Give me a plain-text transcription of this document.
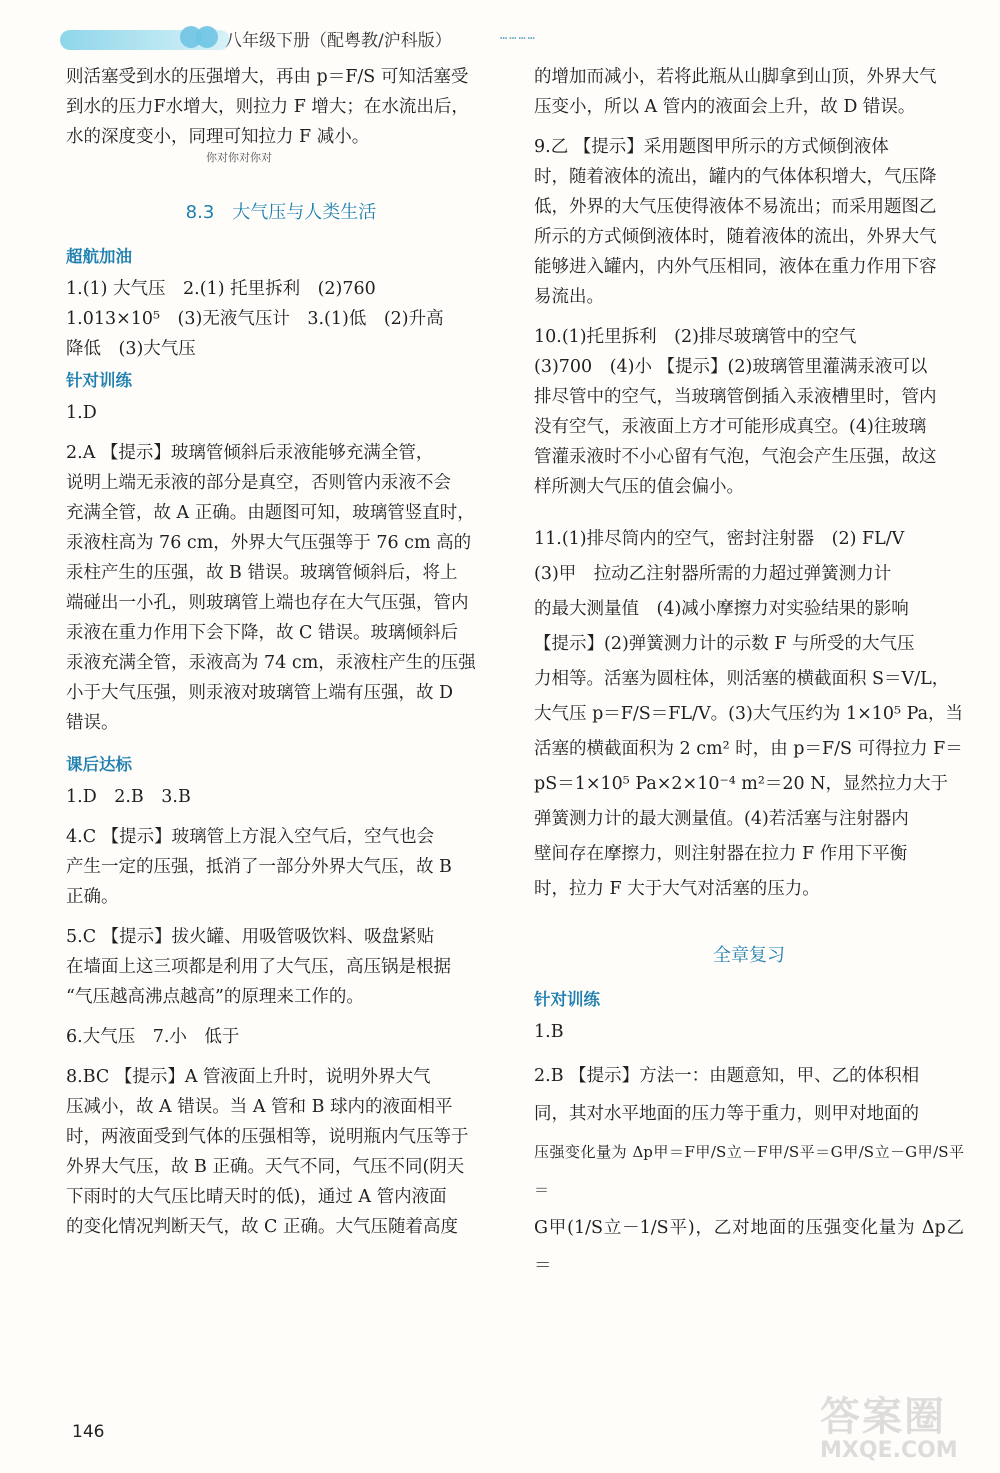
八年级下册（配粤教/沪科版）	…………

则活塞受到水的压强增大，再由 p＝F/S 可知活塞受
到水的压力F水增大，则拉力 F 增大；在水流出后，
水的深度变小，同理可知拉力 F 减小。

你对你对你对
8.3　大气压与人类生活
超航加油

1.(1) 大气压　2.(1) 托里拆利　(2)760
1.013×10⁵　(3)无液气压计　3.(1)低　(2)升高
降低　(3)大气压

针对训练

1.D

2.A 【提示】玻璃管倾斜后汞液能够充满全管，
说明上端无汞液的部分是真空，否则管内汞液不会
充满全管，故 A 正确。由题图可知，玻璃管竖直时，
汞液柱高为 76 cm，外界大气压强等于 76 cm 高的
汞柱产生的压强，故 B 错误。玻璃管倾斜后，将上
端碰出一小孔，则玻璃管上端也存在大气压强，管内
汞液在重力作用下会下降，故 C 错误。玻璃倾斜后
汞液充满全管，汞液高为 74 cm，汞液柱产生的压强
小于大气压强，则汞液对玻璃管上端有压强，故 D
错误。

课后达标

1.D　2.B　3.B

4.C 【提示】玻璃管上方混入空气后，空气也会
产生一定的压强，抵消了一部分外界大气压，故 B
正确。

5.C 【提示】拔火罐、用吸管吸饮料、吸盘紧贴
在墙面上这三项都是利用了大气压，高压锅是根据
“气压越高沸点越高”的原理来工作的。

6.大气压　7.小　低于

8.BC 【提示】A 管液面上升时，说明外界大气
压减小，故 A 错误。当 A 管和 B 球内的液面相平
时，两液面受到气体的压强相等，说明瓶内气压等于
外界大气压，故 B 正确。天气不同，气压不同(阴天
下雨时的大气压比晴天时的低)，通过 A 管内液面
的变化情况判断天气，故 C 正确。大气压随着高度

的增加而减小，若将此瓶从山脚拿到山顶，外界大气
压变小，所以 A 管内的液面会上升，故 D 错误。

9.乙 【提示】采用题图甲所示的方式倾倒液体
时，随着液体的流出，罐内的气体体积增大，气压降
低，外界的大气压使得液体不易流出；而采用题图乙
所示的方式倾倒液体时，随着液体的流出，外界大气
能够进入罐内，内外气压相同，液体在重力作用下容
易流出。

10.(1)托里拆利　(2)排尽玻璃管中的空气
(3)700　(4)小 【提示】(2)玻璃管里灌满汞液可以
排尽管中的空气，当玻璃管倒插入汞液槽里时，管内
没有空气，汞液面上方才可能形成真空。(4)往玻璃
管灌汞液时不小心留有气泡，气泡会产生压强，故这
样所测大气压的值会偏小。

11.(1)排尽筒内的空气，密封注射器　(2) FL/V
(3)甲　拉动乙注射器所需的力超过弹簧测力计
的最大测量值　(4)减小摩擦力对实验结果的影响
【提示】(2)弹簧测力计的示数 F 与所受的大气压
力相等。活塞为圆柱体，则活塞的横截面积 S＝V/L，
大气压 p＝F/S＝FL/V。(3)大气压约为 1×10⁵ Pa，当
活塞的横截面积为 2 cm² 时，由 p＝F/S 可得拉力 F＝
pS＝1×10⁵ Pa×2×10⁻⁴ m²＝20 N，显然拉力大于
弹簧测力计的最大测量值。(4)若活塞与注射器内
壁间存在摩擦力，则注射器在拉力 F 作用下平衡
时，拉力 F 大于大气对活塞的压力。

全章复习
针对训练

1.B

2.B 【提示】方法一：由题意知，甲、乙的体积相
同，其对水平地面的压力等于重力，则甲对地面的
压强变化量为 Δp甲＝F甲/S立－F甲/S平＝G甲/S立－G甲/S平＝
G甲(1/S立－1/S平)，乙对地面的压强变化量为 Δp乙＝

146	答案圈
MXQE.COM
